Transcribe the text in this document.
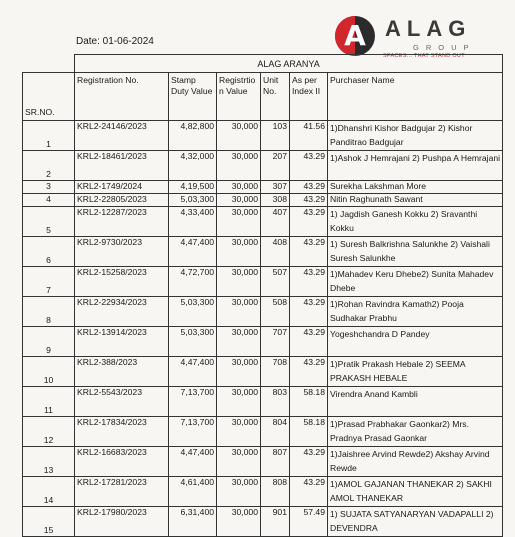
Date: 01-06-2024	A ALAG
GROUP
SPACES... THAT STAND OUT
	ALAG ARANYA					
SR.NO.	Registration No.	Stamp Duty Value	Registrtio n Value	Unit No.	As per Index II	Purchaser Name
1	KRL2-24146/2023	4,82,800	30,000	103	41.56	1)Dhanshri Kishor Badgujar 2) Kishor Panditrao Badgujar
2	KRL2-18461/2023	4,32,000	30,000	207	43.29	1)Ashok J Hemrajani 2) Pushpa A Hemrajani
3	KRL2-1749/2024	4,19,500	30,000	307	43.29	Surekha Lakshman More
4	KRL2-22805/2023	5,03,300	30,000	308	43.29	Nitin Raghunath Sawant
5	KRL2-12287/2023	4,33,400	30,000	407	43.29	1) Jagdish Ganesh Kokku 2) Sravanthi Kokku
6	KRL2-9730/2023	4,47,400	30,000	408	43.29	1) Suresh Balkrishna Salunkhe 2) Vaishali Suresh Salunkhe
7	KRL2-15258/2023	4,72,700	30,000	507	43.29	1)Mahadev Keru Dhebe2) Sunita Mahadev Dhebe
8	KRL2-22934/2023	5,03,300	30,000	508	43.29	1)Rohan Ravindra Kamath2) Pooja Sudhakar Prabhu
9	KRL2-13914/2023	5,03,300	30,000	707	43.29	Yogeshchandra D Pandey
10	KRL2-388/2023	4,47,400	30,000	708	43.29	1)Pratik Prakash Hebale 2) SEEMA PRAKASH HEBALE
11	KRL2-5543/2023	7,13,700	30,000	803	58.18	Virendra Anand Kambli
12	KRL2-17834/2023	7,13,700	30,000	804	58.18	1)Prasad Prabhakar Gaonkar2) Mrs. Pradnya Prasad Gaonkar
13	KRL2-16683/2023	4,47,400	30,000	807	43.29	1)Jaishree Arvind Rewde2) Akshay Arvind Rewde
14	KRL2-17281/2023	4,61,400	30,000	808	43.29	1)AMOL GAJANAN THANEKAR 2) SAKHI AMOL THANEKAR
15	KRL2-17980/2023	6,31,400	30,000	901	57.49	1) SUJATA SATYANARYAN VADAPALLI 2) DEVENDRA
